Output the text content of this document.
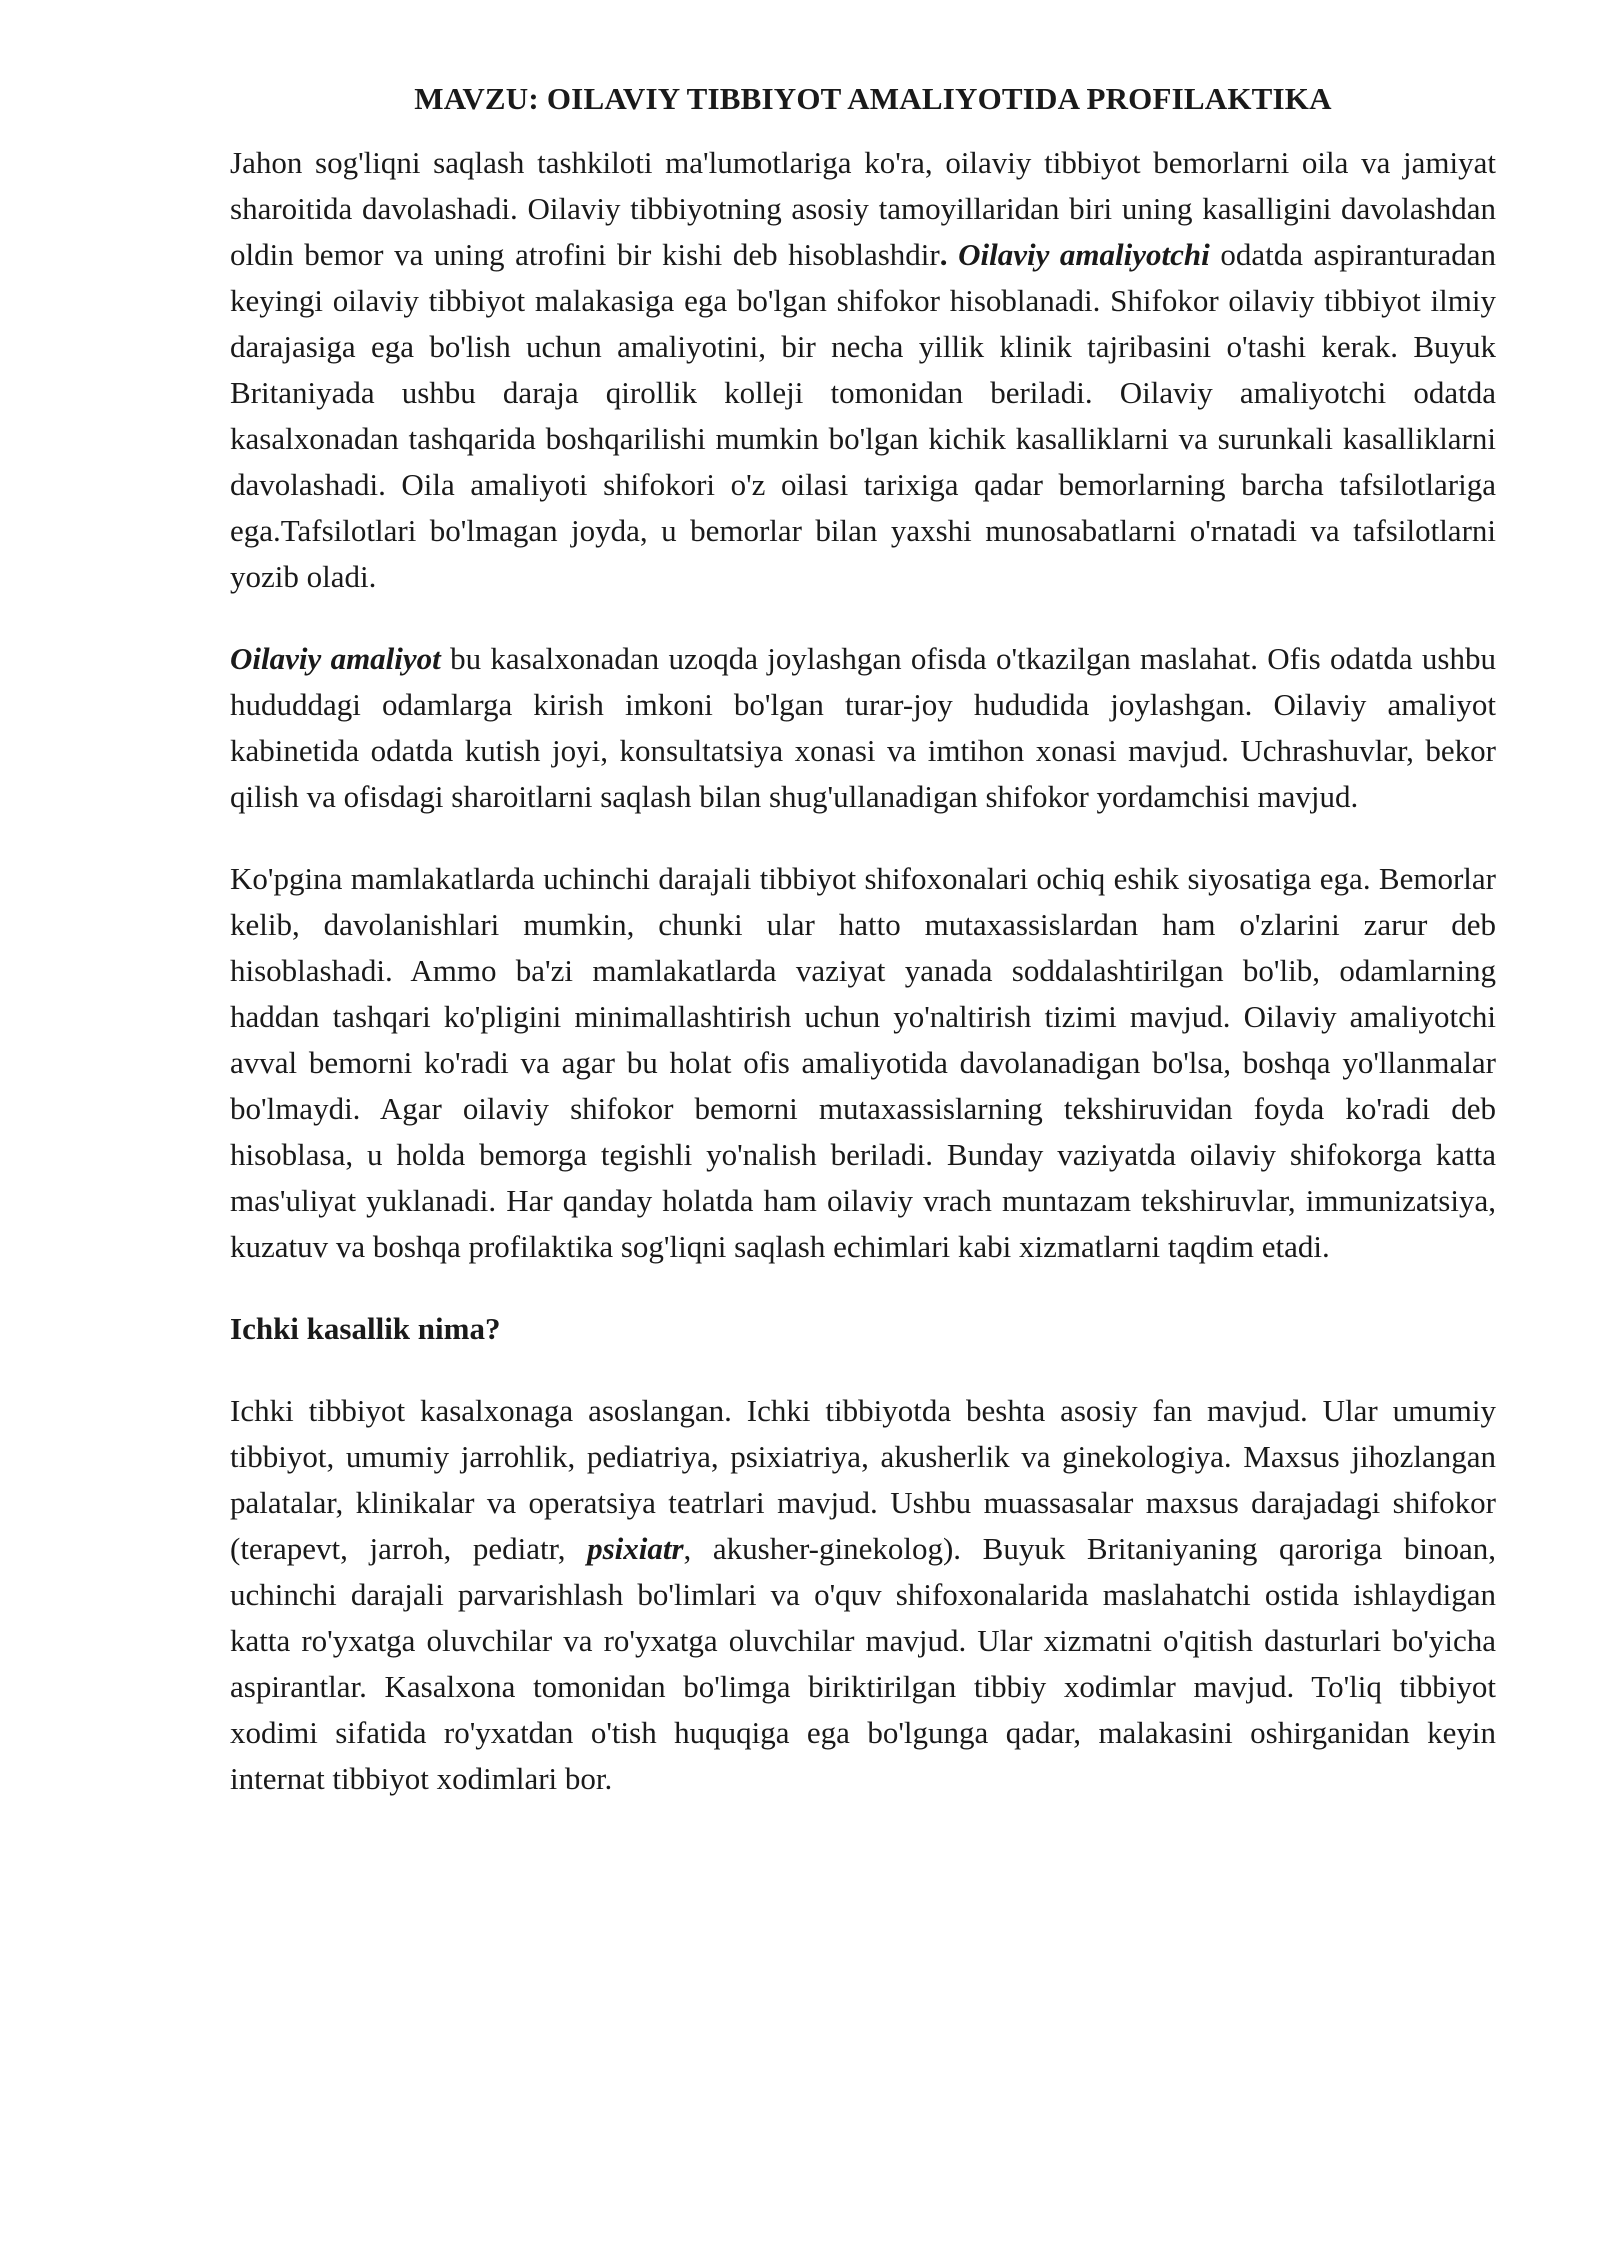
MAVZU: OILAVIY TIBBIYOT AMALIYOTIDA PROFILAKTIKA

Jahon sog'liqni saqlash tashkiloti ma'lumotlariga ko'ra, oilaviy tibbiyot bemorlarni oila va jamiyat sharoitida davolashadi. Oilaviy tibbiyotning asosiy tamoyillaridan biri uning kasalligini davolashdan oldin bemor va uning atrofini bir kishi deb hisoblashdir. Oilaviy amaliyotchi odatda aspiranturadan keyingi oilaviy tibbiyot malakasiga ega bo'lgan shifokor hisoblanadi. Shifokor oilaviy tibbiyot ilmiy darajasiga ega bo'lish uchun amaliyotini, bir necha yillik klinik tajribasini o'tashi kerak. Buyuk Britaniyada ushbu daraja qirollik kolleji tomonidan beriladi. Oilaviy amaliyotchi odatda kasalxonadan tashqarida boshqarilishi mumkin bo'lgan kichik kasalliklarni va surunkali kasalliklarni davolashadi. Oila amaliyoti shifokori o'z oilasi tarixiga qadar bemorlarning barcha tafsilotlariga ega.Tafsilotlari bo'lmagan joyda, u bemorlar bilan yaxshi munosabatlarni o'rnatadi va tafsilotlarni yozib oladi.

Oilaviy amaliyot bu kasalxonadan uzoqda joylashgan ofisda o'tkazilgan maslahat. Ofis odatda ushbu hududdagi odamlarga kirish imkoni bo'lgan turar-joy hududida joylashgan. Oilaviy amaliyot kabinetida odatda kutish joyi, konsultatsiya xonasi va imtihon xonasi mavjud. Uchrashuvlar, bekor qilish va ofisdagi sharoitlarni saqlash bilan shug'ullanadigan shifokor yordamchisi mavjud.

Ko'pgina mamlakatlarda uchinchi darajali tibbiyot shifoxonalari ochiq eshik siyosatiga ega. Bemorlar kelib, davolanishlari mumkin, chunki ular hatto mutaxassislardan ham o'zlarini zarur deb hisoblashadi. Ammo ba'zi mamlakatlarda vaziyat yanada soddalashtirilgan bo'lib, odamlarning haddan tashqari ko'pligini minimallashtirish uchun yo'naltirish tizimi mavjud. Oilaviy amaliyotchi avval bemorni ko'radi va agar bu holat ofis amaliyotida davolanadigan bo'lsa, boshqa yo'llanmalar bo'lmaydi. Agar oilaviy shifokor bemorni mutaxassislarning tekshiruvidan foyda ko'radi deb hisoblasa, u holda bemorga tegishli yo'nalish beriladi. Bunday vaziyatda oilaviy shifokorga katta mas'uliyat yuklanadi. Har qanday holatda ham oilaviy vrach muntazam tekshiruvlar, immunizatsiya, kuzatuv va boshqa profilaktika sog'liqni saqlash echimlari kabi xizmatlarni taqdim etadi.

Ichki kasallik nima?

Ichki tibbiyot kasalxonaga asoslangan. Ichki tibbiyotda beshta asosiy fan mavjud. Ular umumiy tibbiyot, umumiy jarrohlik, pediatriya, psixiatriya, akusherlik va ginekologiya. Maxsus jihozlangan palatalar, klinikalar va operatsiya teatrlari mavjud. Ushbu muassasalar maxsus darajadagi shifokor (terapevt, jarroh, pediatr, psixiatr, akusher-ginekolog). Buyuk Britaniyaning qaroriga binoan, uchinchi darajali parvarishlash bo'limlari va o'quv shifoxonalarida maslahatchi ostida ishlaydigan katta ro'yxatga oluvchilar va ro'yxatga oluvchilar mavjud. Ular xizmatni o'qitish dasturlari bo'yicha aspirantlar. Kasalxona tomonidan bo'limga biriktirilgan tibbiy xodimlar mavjud. To'liq tibbiyot xodimi sifatida ro'yxatdan o'tish huquqiga ega bo'lgunga qadar, malakasini oshirganidan keyin internat tibbiyot xodimlari bor.
